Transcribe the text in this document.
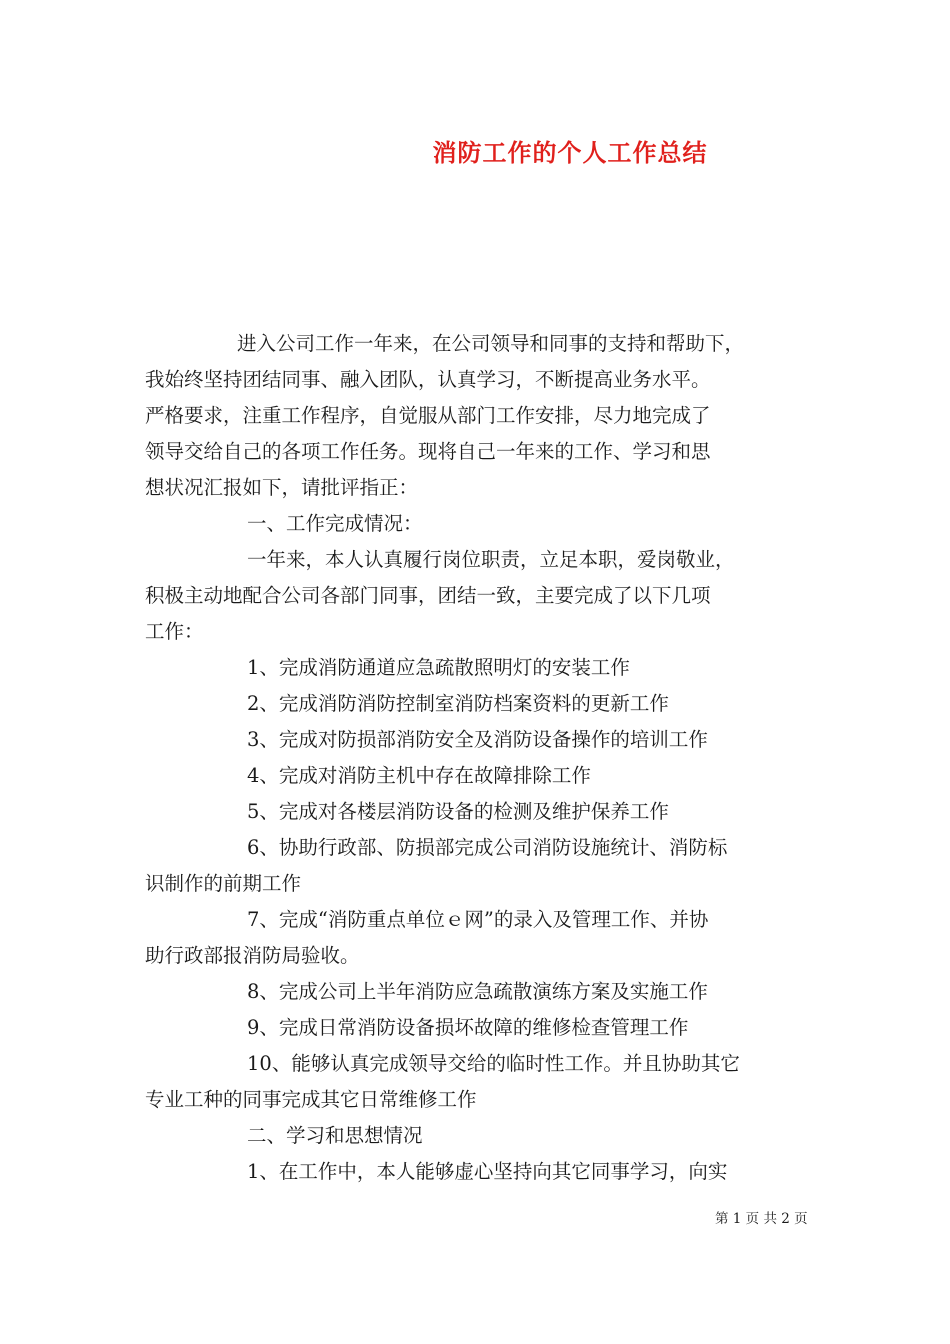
消防工作的个人工作总结
进入公司工作一年来，在公司领导和同事的支持和帮助下，
我始终坚持团结同事、融入团队，认真学习，不断提高业务水平。
严格要求，注重工作程序，自觉服从部门工作安排，尽力地完成了
领导交给自己的各项工作任务。现将自己一年来的工作、学习和思
想状况汇报如下，请批评指正：
一、工作完成情况：
一年来，本人认真履行岗位职责，立足本职，爱岗敬业，
积极主动地配合公司各部门同事，团结一致，主要完成了以下几项
工作：
1、完成消防通道应急疏散照明灯的安装工作
2、完成消防消防控制室消防档案资料的更新工作
3、完成对防损部消防安全及消防设备操作的培训工作
4、完成对消防主机中存在故障排除工作
5、完成对各楼层消防设备的检测及维护保养工作
6、协助行政部、防损部完成公司消防设施统计、消防标
识制作的前期工作
7、完成“消防重点单位ｅ网”的录入及管理工作、并协
助行政部报消防局验收。
8、完成公司上半年消防应急疏散演练方案及实施工作
9、完成日常消防设备损坏故障的维修检查管理工作
10、能够认真完成领导交给的临时性工作。并且协助其它
专业工种的同事完成其它日常维修工作
二、学习和思想情况
1、在工作中，本人能够虚心坚持向其它同事学习，向实
第 1 页 共 2 页
